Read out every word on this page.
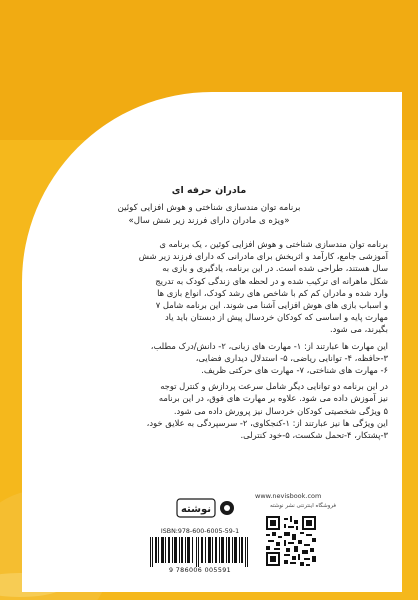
مادران حرفه ای

برنامه توان مندسازی شناختی و هوش افزایی کوئین

«ویژه ی مادران دارای فرزند زیر شش سال»

برنامه توان مندسازی شناختی و هوش افزایی کوئین ، یک برنامه ی

آموزشی جامع، کارآمد و اثربخش برای مادرانی که دارای فرزند زیر شش

سال هستند، طراحی شده است. در این برنامه، یادگیری و بازی به

شکل ماهرانه ای ترکیب شده و در لحظه های زندگی کودک به تدریج

وارد شده و مادران کم کم با شاخص های رشد کودک، انواع بازی ها

و اسباب بازی های هوش افزایی آشنا می شوند. این برنامه شامل ۷

مهارت پایه و اساسی که کودکان خردسال پیش از دبستان باید یاد

بگیرند، می شود.

این مهارت ها عبارتند از: ۱- مهارت های زبانی، ۲- دانش/درک مطلب،

۳-حافظه، ۴- توانایی ریاضی، ۵- استدلال دیداری فضایی،

۶- مهارت های شناختی، ۷- مهارت های حرکتی ظریف.

در این برنامه دو توانایی دیگر شامل سرعت پردازش و کنترل توجه

نیز آموزش داده می شود. علاوه بر مهارت های فوق، در این برنامه

۵ ویژگی شخصیتی کودکان خردسال نیز پرورش داده می شود.

این ویژگی ها نیز عبارتند از: ۱-کنجکاوی، ۲- سرسپردگی به علایق خود،

۳-پشتکار، ۴-تحمل شکست، ۵-خود کنترلی.

www.nevisbook.com
فروشگاه اینترنتی نشر نوشته
نوشته
ISBN:978-600-6005-59-1
9 786006 005591
